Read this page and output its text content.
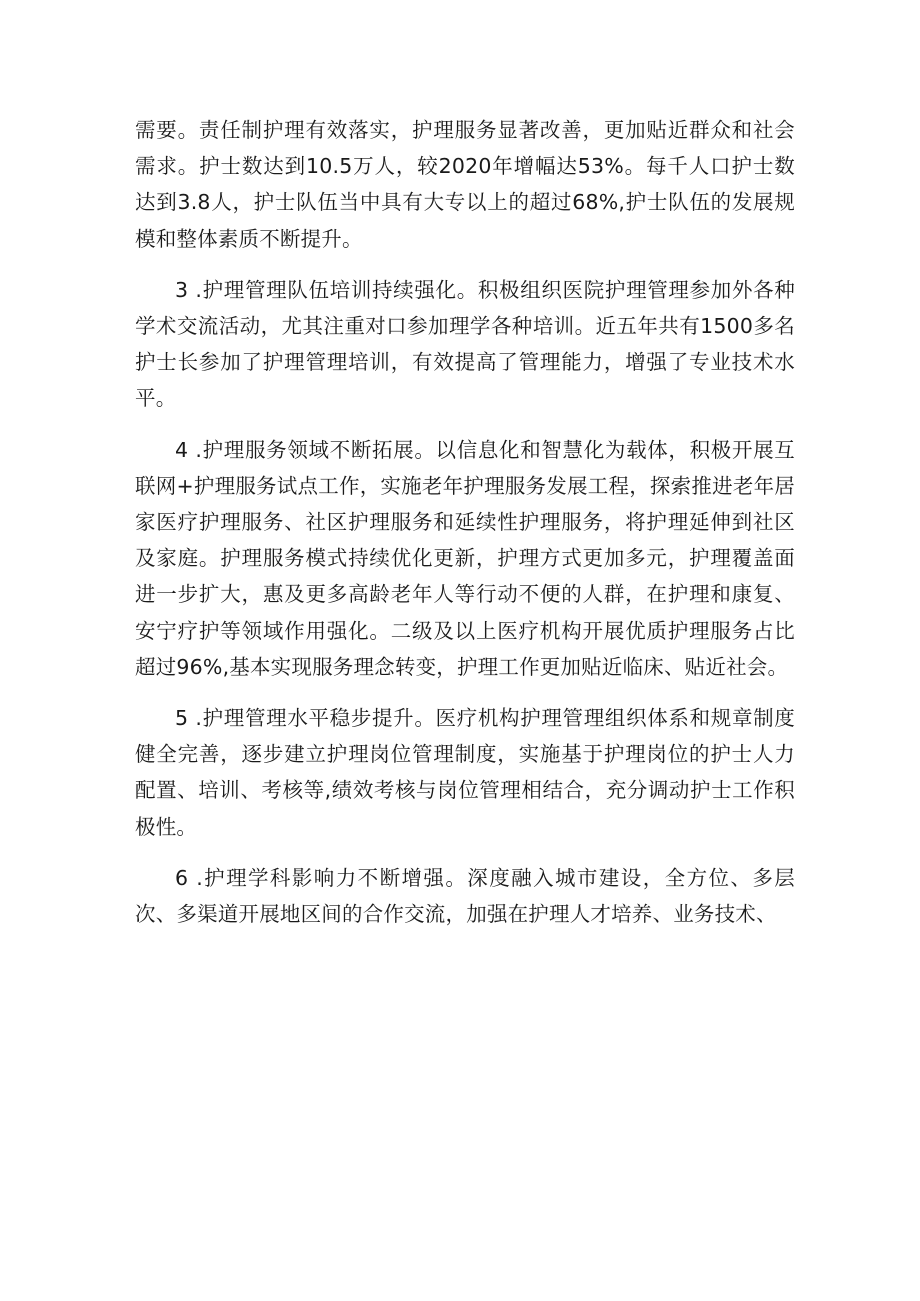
需要。责任制护理有效落实，护理服务显著改善，更加贴近群众和社会需求。护士数达到10.5万人，较2020年增幅达53%。每千人口护士数达到3.8人，护士队伍当中具有大专以上的超过68%,护士队伍的发展规模和整体素质不断提升。

3 .护理管理队伍培训持续强化。积极组织医院护理管理参加外各种学术交流活动，尤其注重对口参加理学各种培训。近五年共有1500多名护士长参加了护理管理培训，有效提高了管理能力，增强了专业技术水平。

4 .护理服务领域不断拓展。以信息化和智慧化为载体，积极开展互联网+护理服务试点工作，实施老年护理服务发展工程，探索推进老年居家医疗护理服务、社区护理服务和延续性护理服务，将护理延伸到社区及家庭。护理服务模式持续优化更新，护理方式更加多元，护理覆盖面进一步扩大，惠及更多高龄老年人等行动不便的人群，在护理和康复、安宁疗护等领域作用强化。二级及以上医疗机构开展优质护理服务占比超过96%,基本实现服务理念转变，护理工作更加贴近临床、贴近社会。

5 .护理管理水平稳步提升。医疗机构护理管理组织体系和规章制度健全完善，逐步建立护理岗位管理制度，实施基于护理岗位的护士人力配置、培训、考核等,绩效考核与岗位管理相结合，充分调动护士工作积极性。

6 .护理学科影响力不断增强。深度融入城市建设，全方位、多层次、多渠道开展地区间的合作交流，加强在护理人才培养、业务技术、
